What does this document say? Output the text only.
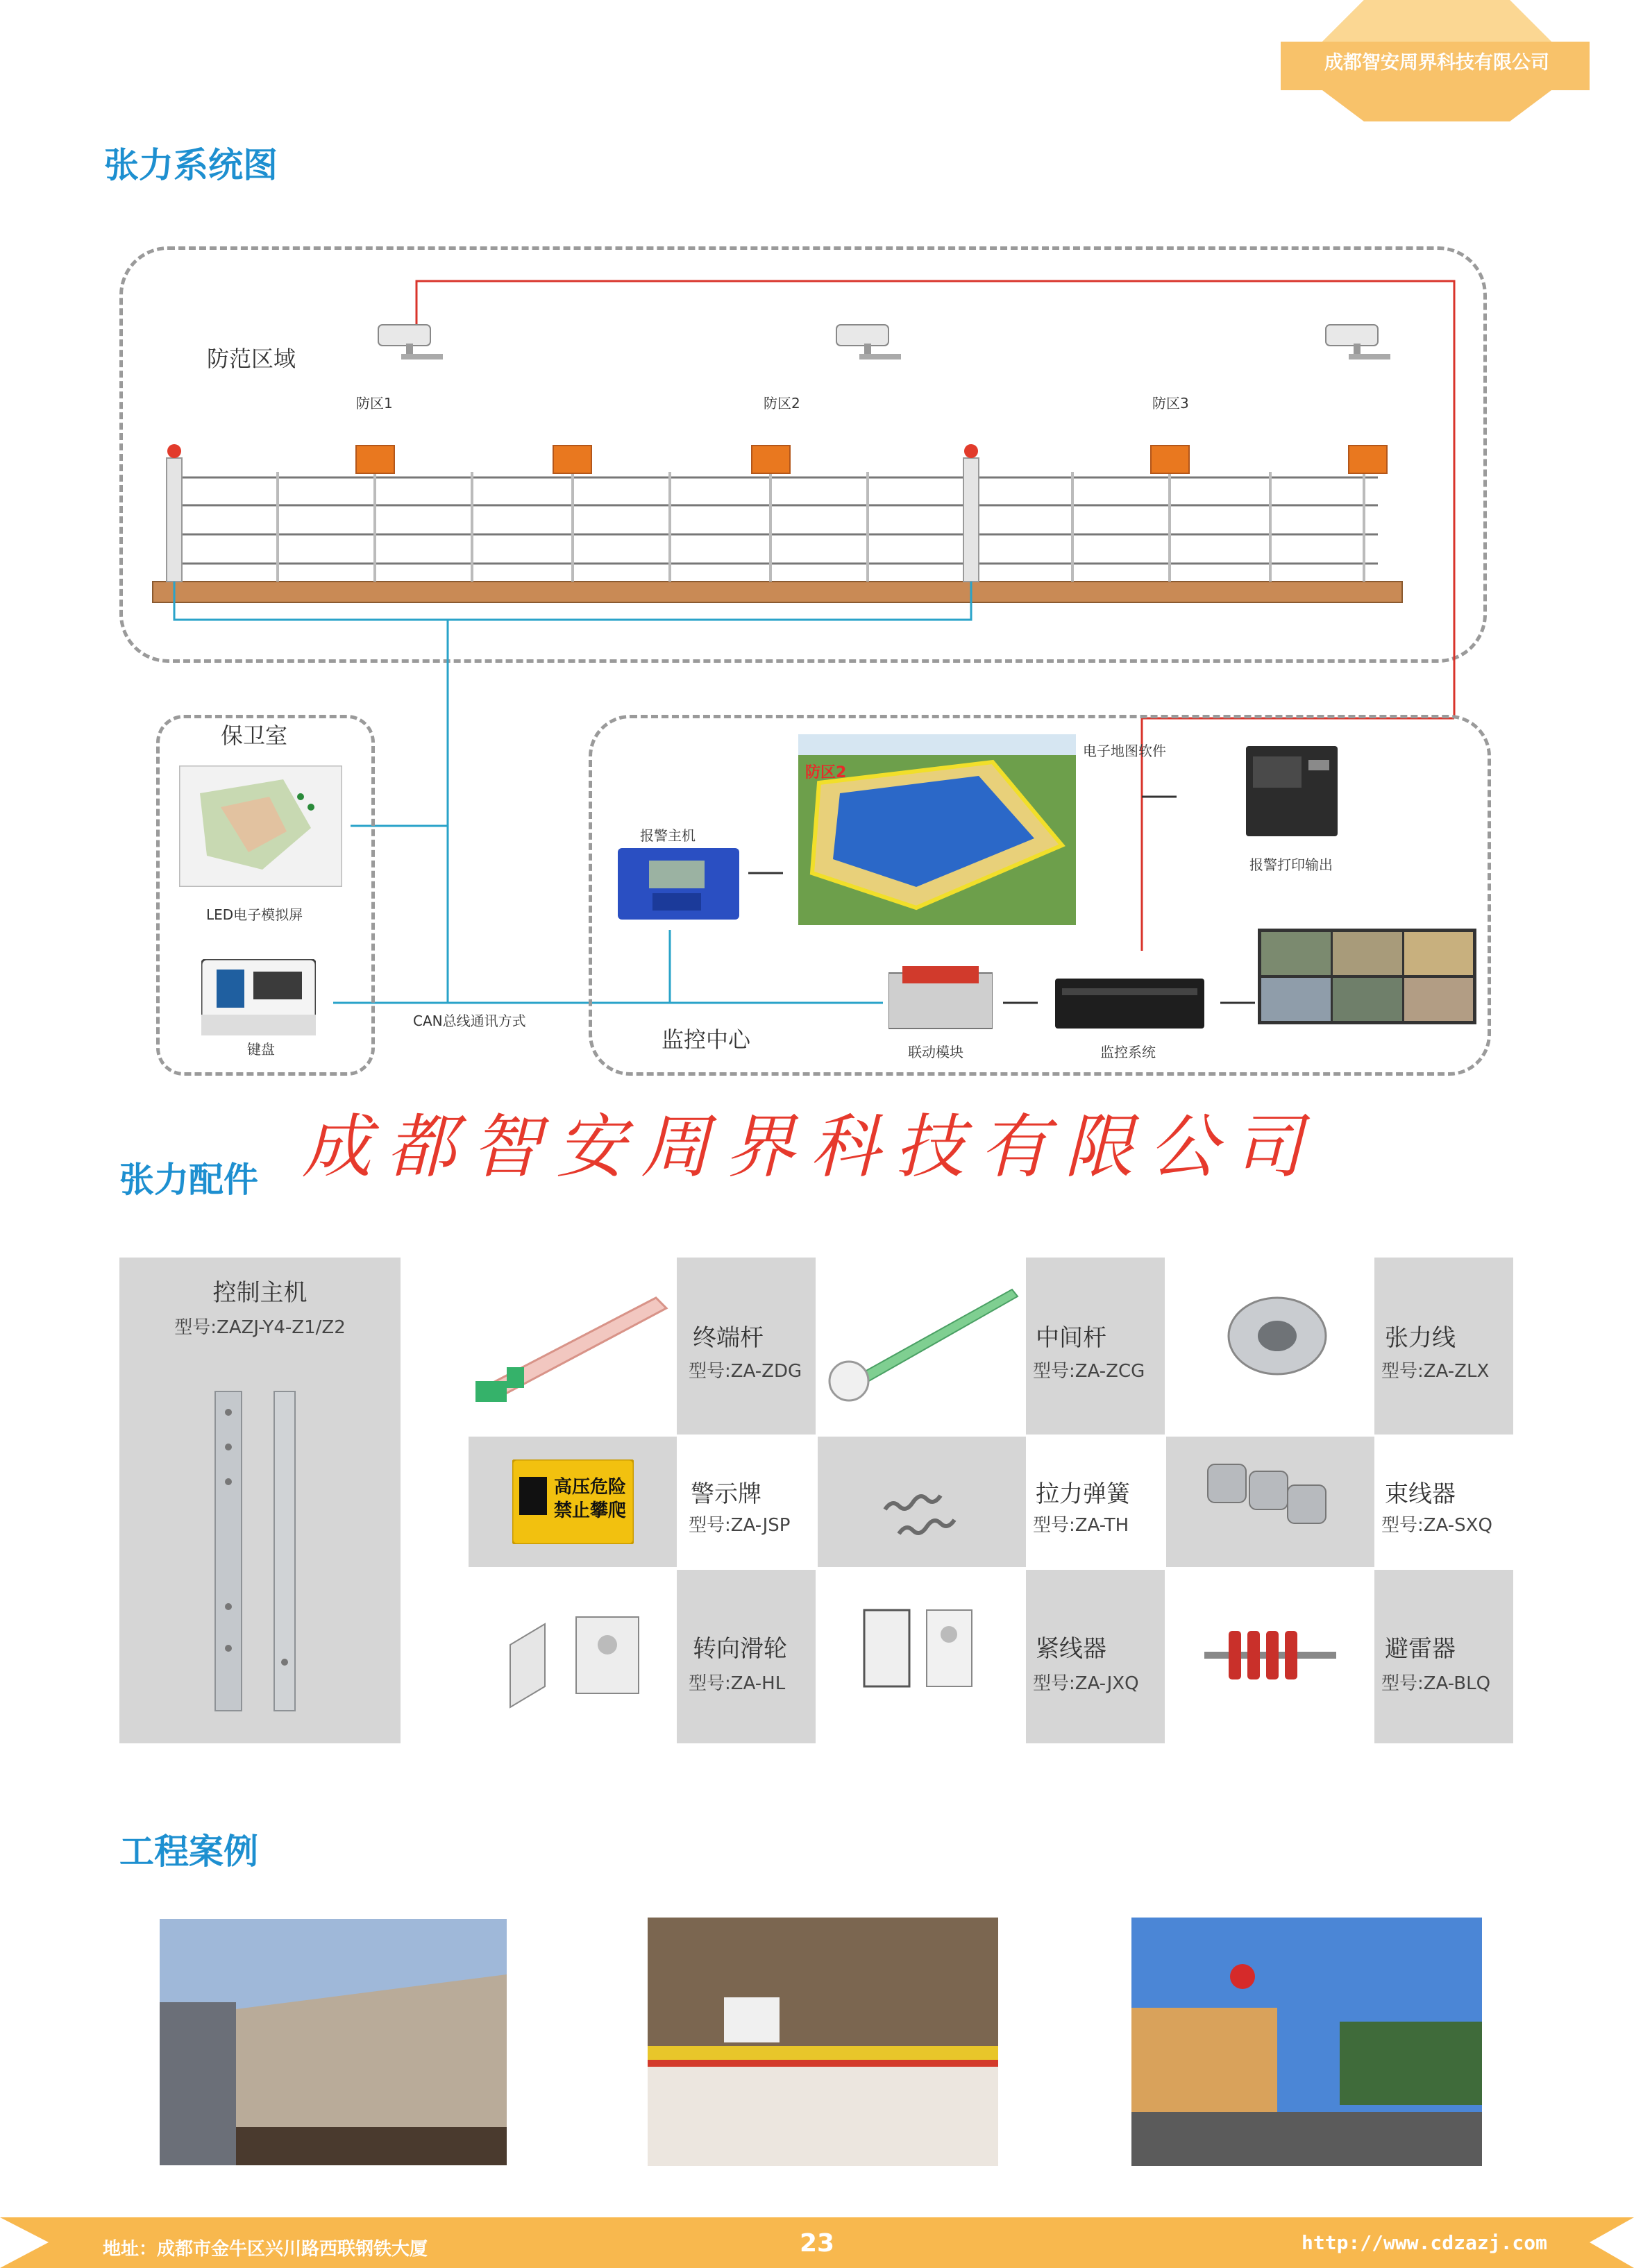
成都智安周界科技有限公司
张力系统图
防范区域
防区1	防区2	防区3
保卫室
LED电子模拟屏
键盘
CAN总线通讯方式
报警主机
防区2
电子地图软件
报警打印输出
监控中心	联动模块	监控系统
成都智安周界科技有限公司
张力配件
控制主机
型号:ZAZJ-Y4-Z1/Z2
高压危险
禁止攀爬
终端杆
型号:ZA-ZDG
中间杆
型号:ZA-ZCG
张力线
型号:ZA-ZLX
警示牌
型号:ZA-JSP
拉力弹簧
型号:ZA-TH
束线器
型号:ZA-SXQ
转向滑轮
型号:ZA-HL
紧线器
型号:ZA-JXQ
避雷器
型号:ZA-BLQ
工程案例
地址：成都市金牛区兴川路西联钢铁大厦	23	http://www.cdzazj.com
